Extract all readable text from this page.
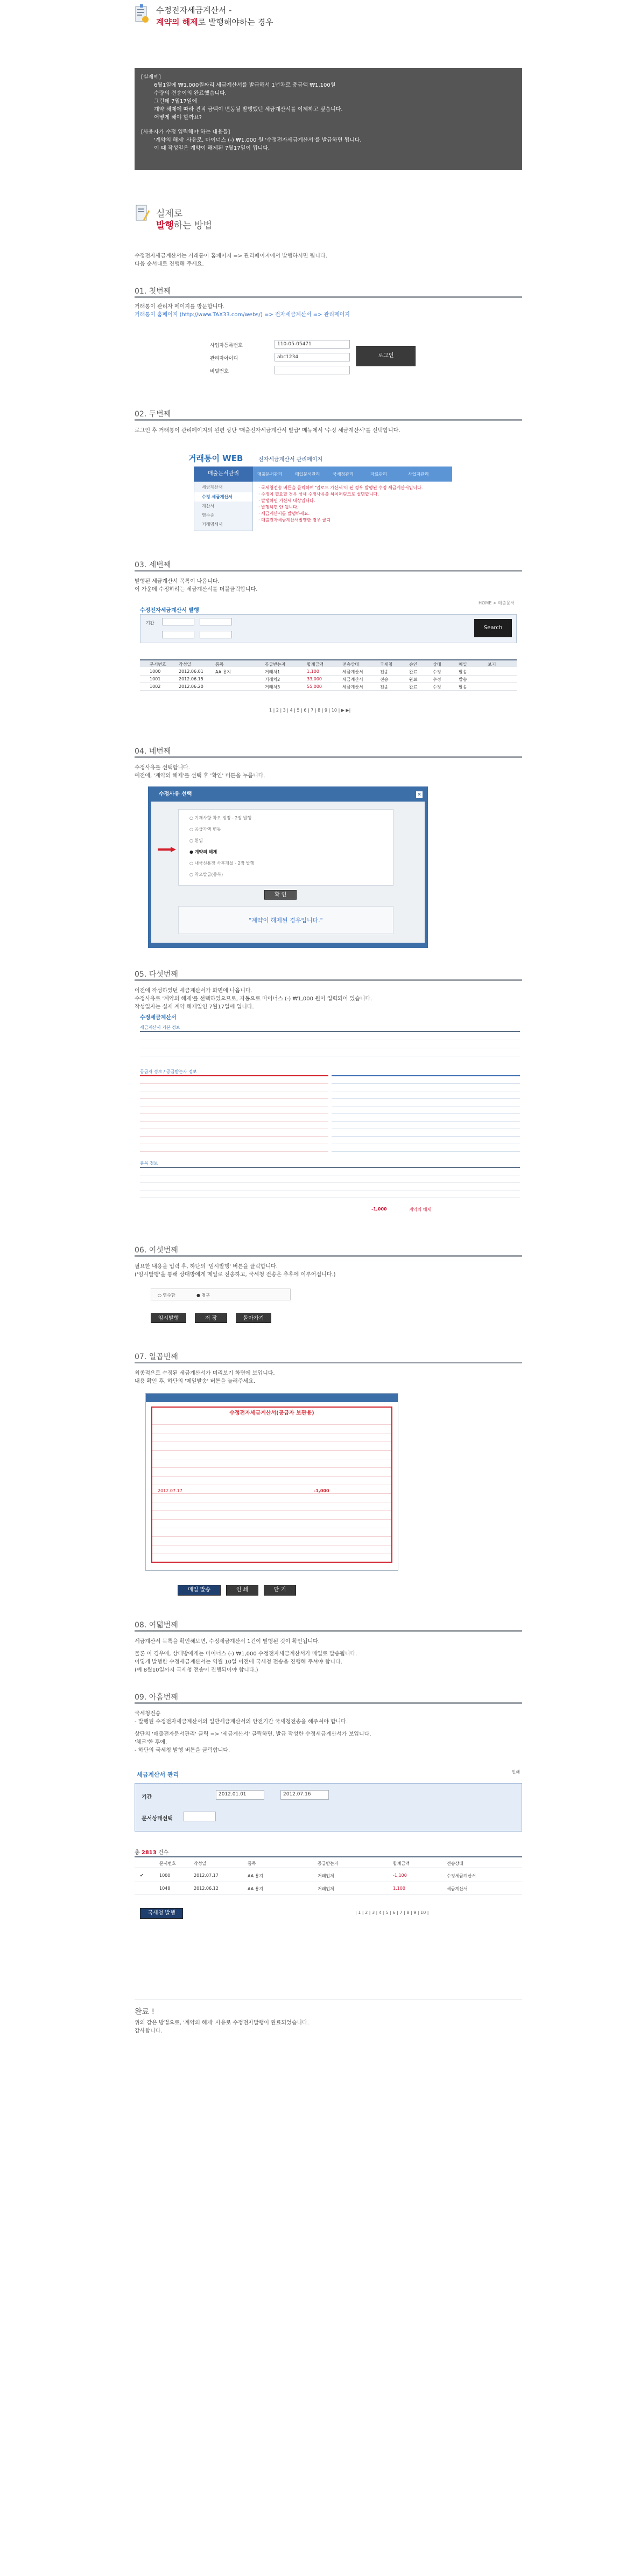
수정전자세금계산서 -
계약의 해제로 발행해야하는 경우
[실제예]
6월1일에 ₩1,000원짜리 세금계산서를 발급해서 1년차로 총금액 ₩1,100원
수량의 견송이의 완료했습니다.
그런데 7월17일에
계약 해제에 따라 견적 금액이 변동될 발행했던 세금계산서를 이제하고 싶습니다.
어떻게 해야 할까요?
[사용자가 수정 입력해야 하는 내용들]
'계약의 해제' 사유로, 마이너스 (-) ₩1,000 원 '수정전자세금계산서'를 발급하면 됩니다.
이 때 작성일은 계약이 해제된 7월17일이 됩니다.
실제로
발행하는 방법
수정전자세금계산서는 거래통이 홈페이지 => 관리페이지에서 발행하시면 됩니다.
다음 순서대로 진행해 주세요.
01. 첫번째
거래통이 관리자 페이지를 방문합니다.
거래통이 홈페이지 (http://www.TAX33.com/webs/) => 전자세금계산서 => 관리페이지
사업자등록번호	110-05-05471
관리자아이디	abc1234
비밀번호
로그인
02. 두번째
로그인 후 거래통이 관리페이지의 왼편 상단 '매출전자세금계산서 발급' 메뉴에서 '수정 세금계산서'를 선택합니다.
거래통이 WEB	전자세금계산서 관리페이지
매출문서관리	매출문서관리	매입문서관리	국세청관리	자료관리	사업자관리
세금계산서
수정 세금계산서
계산서
영수증
거래명세서
· 국세청전송 버튼을 클릭하여 '업로드 가산세'이 된 경우 발행된 수정 세금계산서입니다.
· 수정이 필요할 경우 상세 수정사유를 하이퍼링크로 설명합니다.
· 발행하면 가산세 대상입니다.
· 발행하면 안 됩니다.
· 세금계산서를 발행하세요.
· 매출전자세금계산서발행한 경우 클릭
03. 세번째
발행된 세금계산서 목록이 나옵니다.
이 가운데 수정하려는 세금계산서를 더블클릭합니다.
HOME > 매출문서
수정전자세금계산서 발행
기간
Search
문서번호	작성일	품목	공급받는자	합계금액	전송상태	국세청	승인	상태	메일	보기
1000	2012.06.01	AA 용지	거래처1	1,100	세금계산서	전송	완료	수정	발송
1001	2012.06.15	거래처2	33,000	세금계산서	전송	완료	수정	발송
1002	2012.06.20	거래처3	55,000	세금계산서	전송	완료	수정	발송
1 | 2 | 3 | 4 | 5 | 6 | 7 | 8 | 9 | 10 | ▶ ▶|
04. 네번째
수정사유를 선택합니다.
예전에, '계약의 해제'를 선택 후 '확인' 버튼을 누릅니다.
수정사유 선택	×
○ 기재사항 착오 정정 - 2장 발행
○ 공급가액 변동
○ 환입
● 계약의 해제
○ 내국신용장 사후개설 - 2장 발행
○ 착오발급(중복)
확 인
"계약이 해제된 경우입니다."
05. 다섯번째
이전에 작성하였던 세금계산서가 화면에 나옵니다.
수정사유로 '계약의 해제'를 선택하였으므로, 자동으로 마이너스 (-) ₩1,000 원이 입력되어 있습니다.
작성일자는 실제 계약 해제일인 7월17일에 입니다.
수정세금계산서
세금계산서 기본 정보
공급자 정보 / 공급받는자 정보
품목 정보
-1,000	계약의 해제
06. 여섯번째
필요한 내용을 입력 후, 하단의 '임시발행' 버튼을 클릭합니다.
('임시발행'을 통해 상대방에게 메일로 전송하고, 국세청 전송은 추후에 이루어집니다.)
○ 영수함	● 청구
임시발행	저 장	돌아가기
07. 일곱번째
최종적으로 수정된 세금계산서가 미리보기 화면에 보입니다.
내용 확인 후, 하단의 '메일발송' 버튼을 눌러주세요.
수정전자세금계산서(공급자 보관용)
2012.07.17	-1,000
메일 발송	인 쇄	닫 기
08. 여덟번째
세금계산서 목록을 확인해보면, 수정세금계산서 1건이 발행된 것이 확인됩니다.
물론 이 경우에, 상대방에게는 마이너스 (-) ₩1,000 수정전자세금계산서가 메일로 발송됩니다.
이렇게 발행한 수정세금계산서는 익월 10일 이전에 국세청 전송을 진행해 주셔야 합니다.
(예 8월10일까지 국세청 전송이 진행되어야 합니다.)
09. 아홉번째
국세청전송
- 발행된 수정전자세금계산서의 일반세금계산서의 안전기간 국세청전송을 해주셔야 합니다.
상단의 '매출전자문서관리' 클릭 => '세금계산서' 클릭하면, 발급 작성한 수정세금계산서가 보입니다.
'체크'한 후에,
- 하단의 국세청 발행 버튼을 클릭합니다.
세금계산서 관리	인쇄
기간	2012.01.01	2012.07.16
문서상태선택
총 2813 건수
문서번호	작성일	품목	공급받는자	합계금액	전송상태
✔	1000	2012.07.17	AA 용지	거래업체	-1,100	수정세금계산서
1048	2012.06.12	AA 용지	거래업체	1,100	세금계산서
국세청 발행	| 1 | 2 | 3 | 4 | 5 | 6 | 7 | 8 | 9 | 10 |
완료 !
위의 같은 방법으로, '계약의 해제' 사유로 수정전자발행이 완료되었습니다.
감사합니다.
